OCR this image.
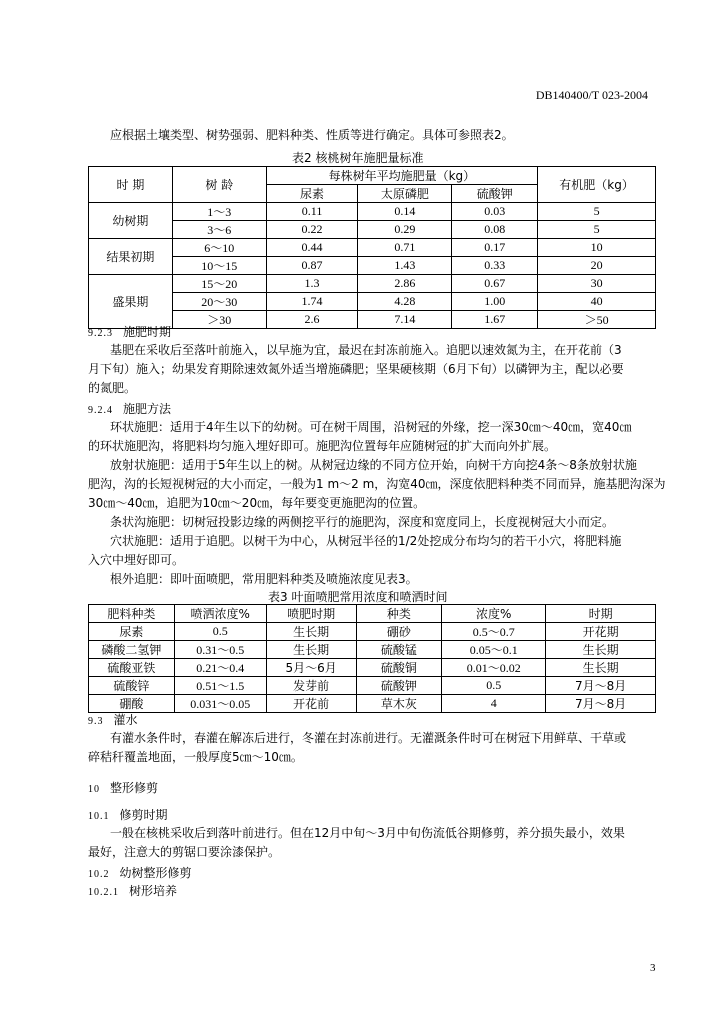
DB140400/T 023-2004

应根据土壤类型、树势强弱、肥料种类、性质等进行确定。具体可参照表2。

表2 核桃树年施肥量标准
时 期	树 龄	每株树年平均施肥量（kg）			有机肥（kg）
		尿素	太原磷肥	硫酸钾	
幼树期	1～3	0.11	0.14	0.03	5
	3～6	0.22	0.29	0.08	5
结果初期	6～10	0.44	0.71	0.17	10
	10～15	0.87	1.43	0.33	20
盛果期	15～20	1.3	2.86	0.67	30
	20～30	1.74	4.28	1.00	40
	＞30	2.6	7.14	1.67	＞50
9.2.3 施肥时期

基肥在采收后至落叶前施入，以早施为宜，最迟在封冻前施入。追肥以速效氮为主，在开花前（3

月下旬）施入；幼果发育期除速效氮外适当增施磷肥；坚果硬核期（6月下旬）以磷钾为主，配以必要

的氮肥。

9.2.4 施肥方法

环状施肥：适用于4年生以下的幼树。可在树干周围，沿树冠的外缘，挖一深30㎝～40㎝，宽40㎝

的环状施肥沟，将肥料均匀施入埋好即可。施肥沟位置每年应随树冠的扩大而向外扩展。

放射状施肥：适用于5年生以上的树。从树冠边缘的不同方位开始，向树干方向挖4条～8条放射状施

肥沟，沟的长短视树冠的大小而定，一般为1 m～2 m，沟宽40㎝，深度依肥料种类不同而异，施基肥沟深为

30㎝～40㎝，追肥为10㎝～20㎝，每年要变更施肥沟的位置。

条状沟施肥：切树冠投影边缘的两侧挖平行的施肥沟，深度和宽度同上，长度视树冠大小而定。

穴状施肥：适用于追肥。以树干为中心，从树冠半径的1/2处挖成分布均匀的若干小穴，将肥料施

入穴中埋好即可。

根外追肥：即叶面喷肥，常用肥料种类及喷施浓度见表3。

表3 叶面喷肥常用浓度和喷洒时间
肥料种类	喷洒浓度%	喷肥时期	种类	浓度%	时期
尿素	0.5	生长期	硼砂	0.5～0.7	开花期
磷酸二氢钾	0.31～0.5	生长期	硫酸锰	0.05～0.1	生长期
硫酸亚铁	0.21～0.4	5月～6月	硫酸铜	0.01～0.02	生长期
硫酸锌	0.51～1.5	发芽前	硫酸钾	0.5	7月～8月
硼酸	0.031～0.05	开花前	草木灰	4	7月～8月
9.3 灌水

有灌水条件时，春灌在解冻后进行，冬灌在封冻前进行。无灌溉条件时可在树冠下用鲜草、干草或

碎秸秆覆盖地面，一般厚度5㎝～10㎝。

10 整形修剪
10.1 修剪时期

一般在核桃采收后到落叶前进行。但在12月中旬～3月中旬伤流低谷期修剪，养分损失最小，效果

最好，注意大的剪锯口要涂漆保护。

10.2 幼树整形修剪
10.2.1 树形培养
3
